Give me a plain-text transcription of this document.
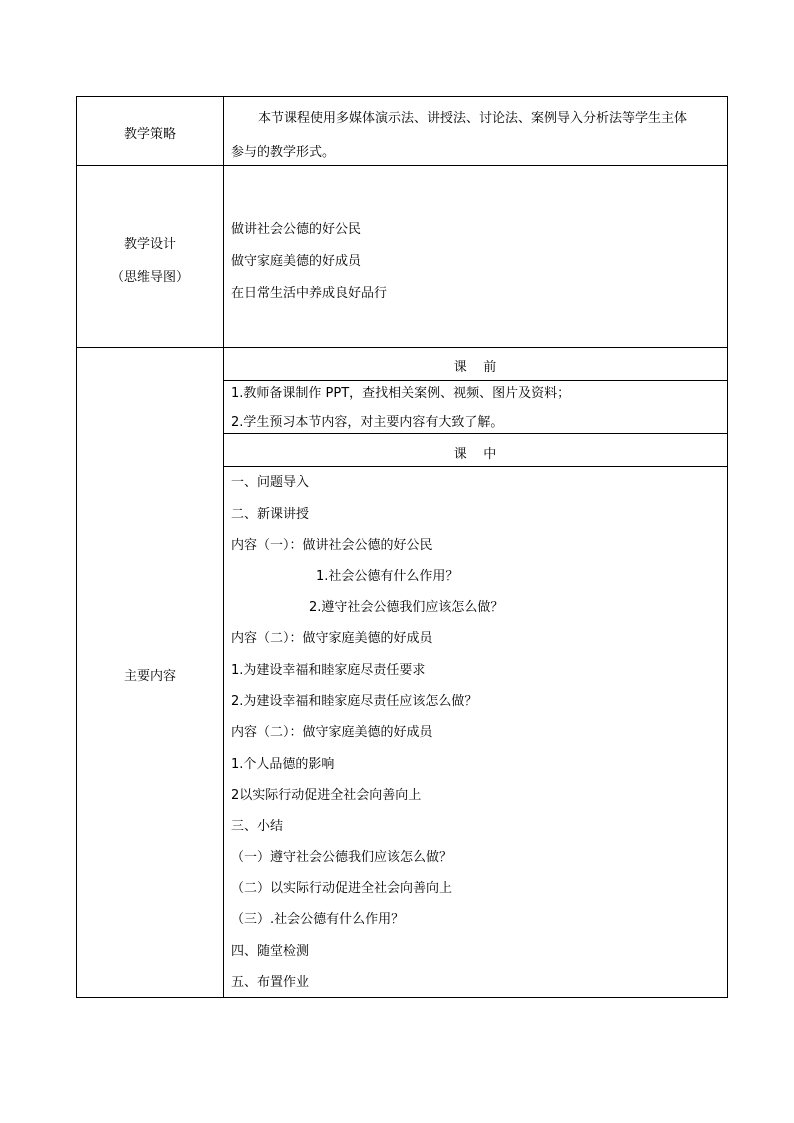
教学策略
本节课程使用多媒体演示法、讲授法、讨论法、案例导入分析法等学生主体
参与的教学形式。
教学设计
（思维导图）
做讲社会公德的好公民
做守家庭美德的好成员
在日常生活中养成良好品行
主要内容
课    前
1.教师备课制作 PPT，查找相关案例、视频、图片及资料；
2.学生预习本节内容，对主要内容有大致了解。
课    中
一、问题导入
二、新课讲授
内容（一）：做讲社会公德的好公民
1.社会公德有什么作用？
2.遵守社会公德我们应该怎么做？
内容（二）：做守家庭美德的好成员
1.为建设幸福和睦家庭尽责任要求
2.为建设幸福和睦家庭尽责任应该怎么做？
内容（二）：做守家庭美德的好成员
1.个人品德的影响
2以实际行动促进全社会向善向上
三、小结
（一）遵守社会公德我们应该怎么做？
（二）以实际行动促进全社会向善向上
（三）.社会公德有什么作用？
四、随堂检测
五、布置作业
